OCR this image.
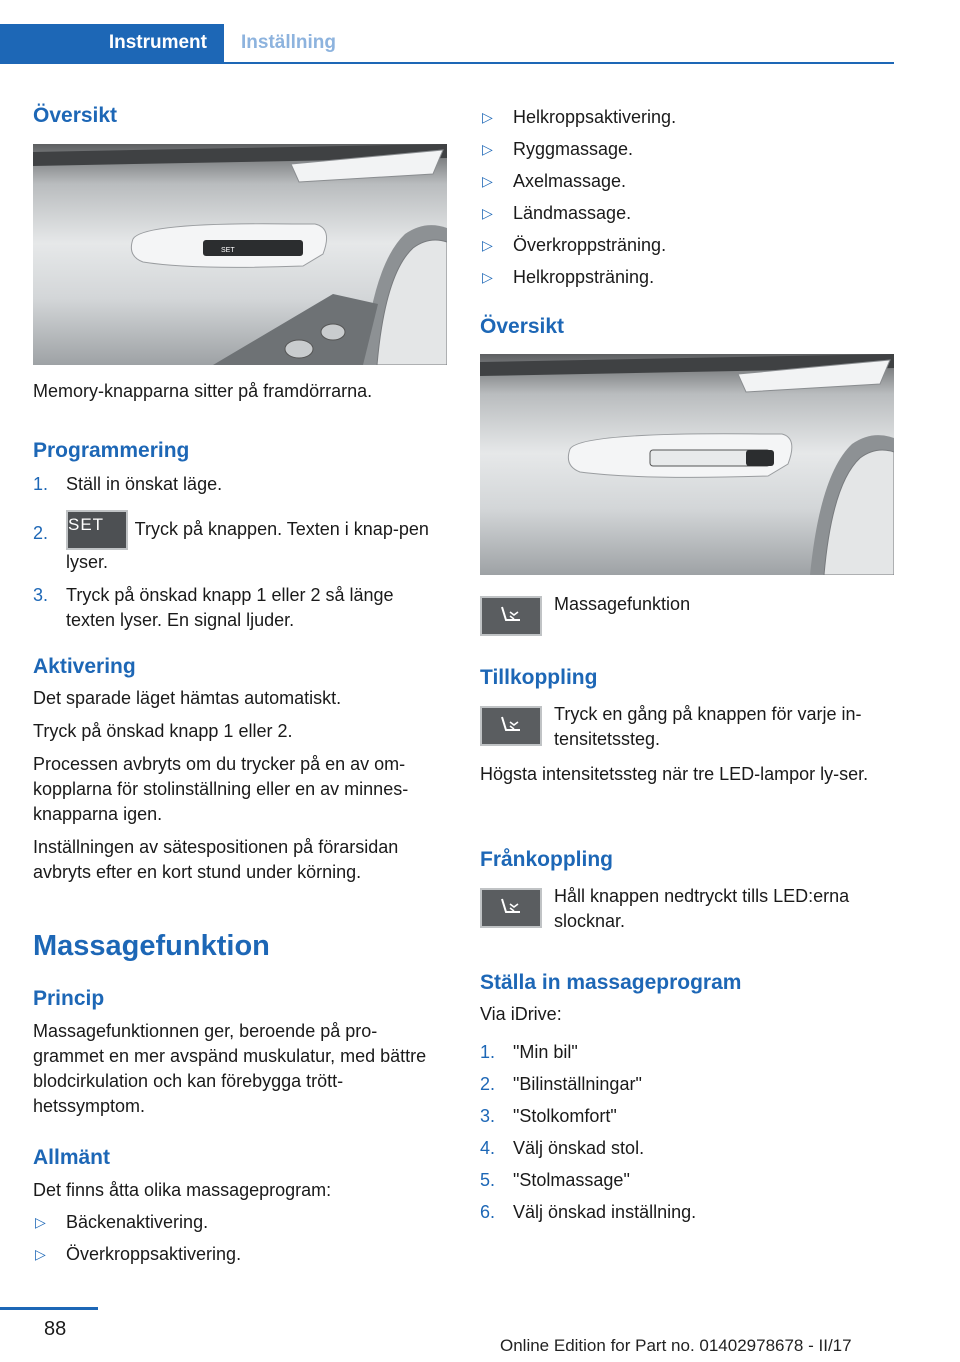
Instrument	Inställning
Översikt
SET

Memory-knapparna sitter på framdörrarna.

Programmering
1. Ställ in önskat läge.
2. SET Tryck på knappen. Texten i knap‐pen lyser.
3. Tryck på önskad knapp 1 eller 2 så länge texten lyser. En signal ljuder.
Aktivering

Det sparade läget hämtas automatiskt.

Tryck på önskad knapp 1 eller 2.

Processen avbryts om du trycker på en av om‐kopplarna för stolinställning eller en av minnes‐knapparna igen.

Inställningen av sätespositionen på förarsidan avbryts efter en kort stund under körning.

Massagefunktion
Princip

Massagefunktionnen ger, beroende på pro‐grammet en mer avspänd muskulatur, med bättre blodcirkulation och kan förebygga trött‐hetssymptom.

Allmänt

Det finns åtta olika massageprogram:

▷ Bäckenaktivering.
▷ Överkroppsaktivering.
▷ Helkroppsaktivering.
▷ Ryggmassage.
▷ Axelmassage.
▷ Ländmassage.
▷ Överkroppsträning.
▷ Helkroppsträning.
Översikt

Massagefunktion

Tillkoppling

Tryck en gång på knappen för varje in‐tensitetssteg.

Högsta intensitetssteg när tre LED-lampor ly‐ser.

Frånkoppling

Håll knappen nedtryckt tills LED:erna slocknar.

Ställa in massageprogram

Via iDrive:

1. "Min bil"
2. "Bilinställningar"
3. "Stolkomfort"
4. Välj önskad stol.
5. "Stolmassage"
6. Välj önskad inställning.
88
Online Edition for Part no. 01402978678 - II/17
